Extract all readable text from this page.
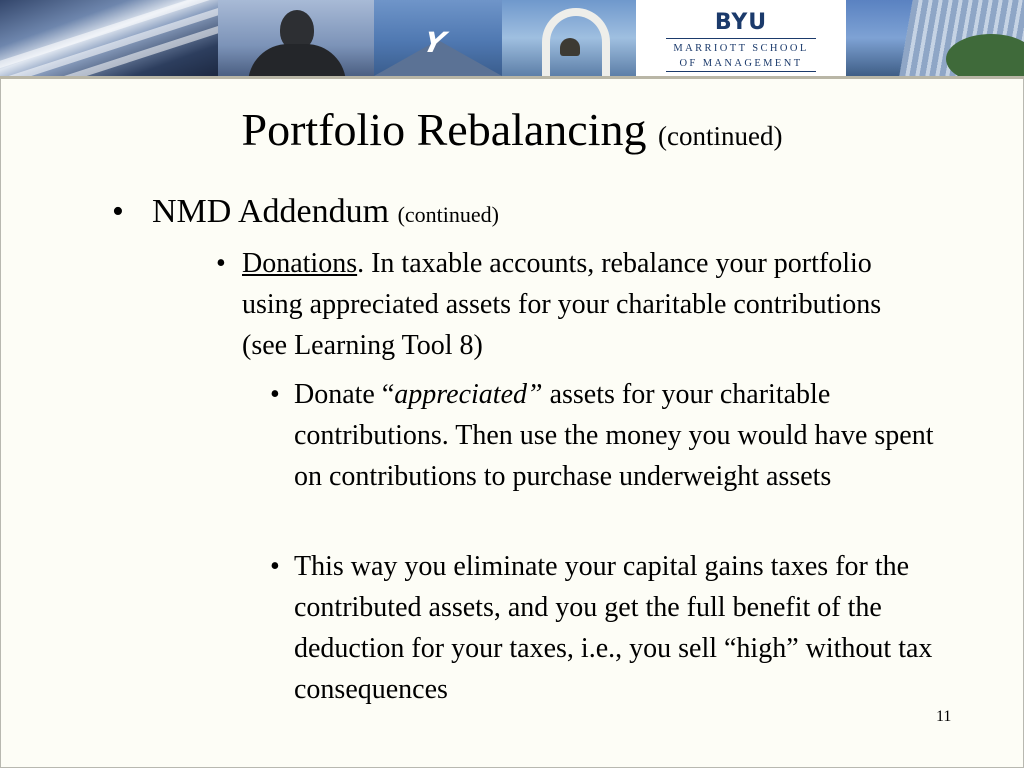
Y
BYU
MARRIOTT SCHOOL
OF MANAGEMENT
Portfolio Rebalancing (continued)
• NMD Addendum (continued)
• Donations. In taxable accounts, rebalance your portfolio using appreciated assets for your charitable contributions (see Learning Tool 8)
• Donate “appreciated” assets for your charitable contributions. Then use the money you would have spent on contributions to purchase underweight assets
• This way you eliminate your capital gains taxes for the contributed assets, and you get the full benefit of the deduction for your taxes, i.e., you sell “high” without tax consequences
11
